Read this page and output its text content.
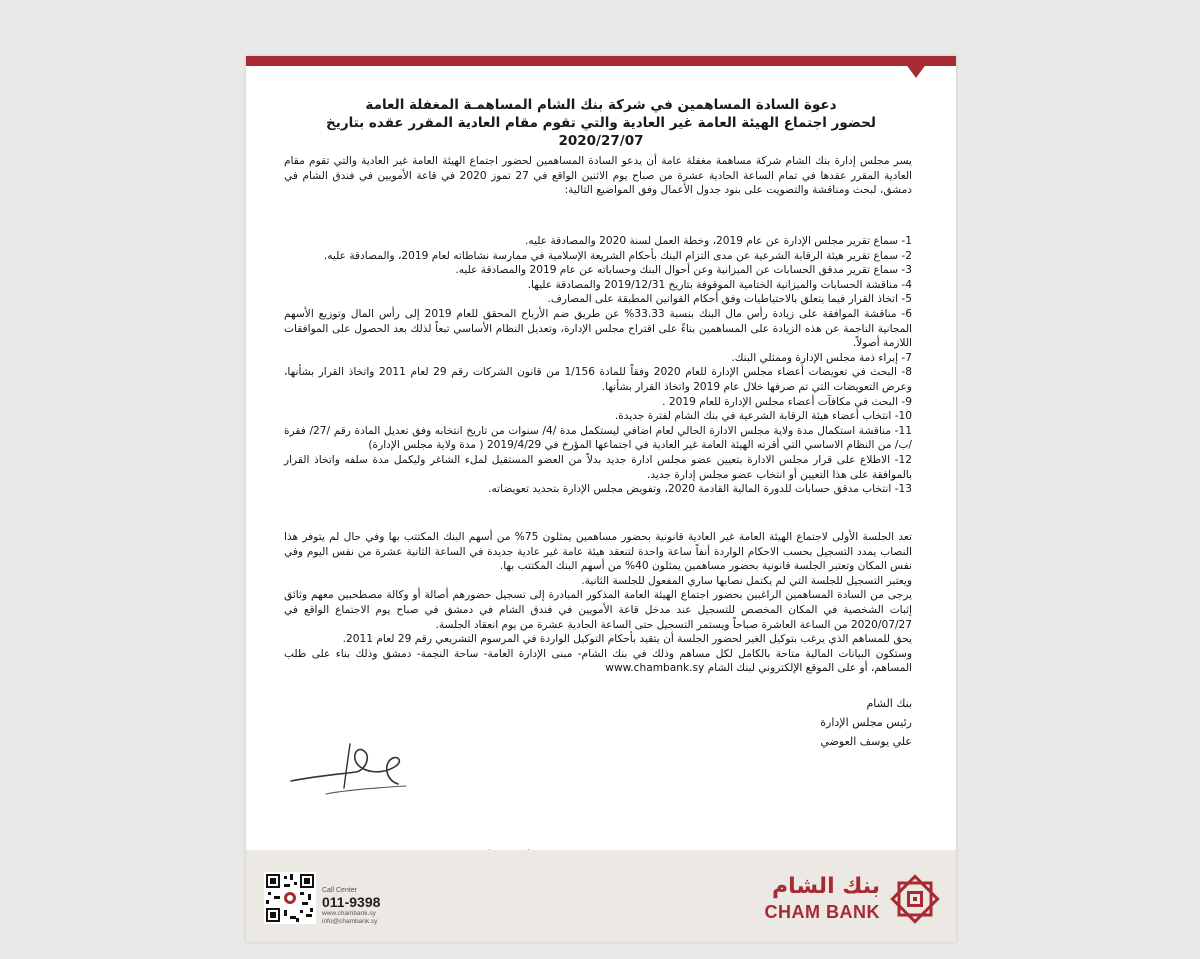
دعوة السادة المساهمين في شركة بنك الشام المساهمـة المغفلة العامة
لحضور اجتماع الهيئة العامة غير العادية والتي تقوم مقام العادية المقرر عقده بتاريخ 2020/27/07
يسر مجلس إدارة بنك الشام شركة مساهمة مغفلة عامة أن يدعو السادة المساهمين لحضور اجتماع الهيئة العامة غير العادية والتي تقوم مقام العادية المقرر عقدها في تمام الساعة الحادية عشرة من صباح يوم الاثنين الواقع في 27 تموز 2020 في قاعة الأمويين في فندق الشام في دمشق، لبحث ومناقشة والتصويت على بنود جدول الأعمال وفق المواضيع التالية:
1- سماع تقرير مجلس الإدارة عن عام 2019، وخطة العمل لسنة 2020 والمصادقة عليه.
2- سماع تقرير هيئة الرقابة الشرعية عن مدى التزام البنك بأحكام الشريعة الإسلامية في ممارسة نشاطاته لعام 2019، والمصادقة عليه.
3- سماع تقرير مدقق الحسابات عن الميزانية وعن أحوال البنك وحساباته عن عام 2019 والمصادقة عليه.
4- مناقشة الحسابات والميزانية الختامية الموقوفة بتاريخ 2019/12/31 والمصادقة عليها.
5- اتخاذ القرار فيما يتعلق بالاحتياطيات وفق أحكام القوانين المطبقة على المصارف.
6- مناقشة الموافقة على زيادة رأس مال البنك بنسبة 33.33% عن طريق ضم الأرباح المحقق للعام 2019 إلى رأس المال وتوزيع الأسهم المجانية الناجمة عن هذه الزيادة على المساهمين بناءً على اقتراح مجلس الإدارة، وتعديل النظام الأساسي تبعاً لذلك بعد الحصول على الموافقات اللازمة أصولاً.
7- إبراء ذمة مجلس الإدارة وممثلي البنك.
8- البحث في تعويضات أعضاء مجلس الإدارة للعام 2020 وفقاً للمادة 1/156 من قانون الشركات رقم 29 لعام 2011 واتخاذ القرار بشأنها، وعرض التعويضات التي تم صرفها خلال عام 2019 واتخاذ القرار بشأنها.
9- البحث في مكافآت أعضاء مجلس الإدارة للعام 2019 .
10- انتخاب أعضاء هيئة الرقابة الشرعية في بنك الشام لفترة جديدة.
11- مناقشة استكمال مدة ولاية مجلس الادارة الحالي لعام اضافي ليستكمل مدة /4/ سنوات من تاريخ انتخابه وفق تعديل المادة رقم /27/ فقرة /ب/ من النظام الاساسي التي أقرته الهيئة العامة غير العادية في اجتماعها المؤرخ في 2019/4/29 ( مدة ولاية مجلس الإدارة)
12- الاطلاع على قرار مجلس الادارة بتعيين عضو مجلس ادارة جديد بدلاً من العضو المستقيل لملء الشاغر وليكمل مدة سلفه واتخاذ القرار بالموافقة على هذا التعيين أو انتخاب عضو مجلس إدارة جديد.
13- انتخاب مدقق حسابات للدورة المالية القادمة 2020، وتفويض مجلس الإدارة بتحديد تعويضاته.
تعد الجلسة الأولى لاجتماع الهيئة العامة غير العادية قانونية بحضور مساهمين يمثلون 75% من أسهم البنك المكتتب بها وفي حال لم يتوفر هذا النصاب يمدد التسجيل بحسب الاحكام الواردة أنفاً ساعة واحدة لتنعقد هيئة عامة غير عادية جديدة في الساعة الثانية عشرة من نفس اليوم وفي نفس المكان وتعتبر الجلسة قانونية بحضور مساهمين يمثلون 40% من أسهم البنك المكتتب بها.
ويعتبر التسجيل للجلسة التي لم يكتمل نصابها ساري المفعول للجلسة الثانية.
يرجى من السادة المساهمين الراغبين بحضور اجتماع الهيئة العامة المذكور المبادرة إلى تسجيل حضورهم أصالة أو وكالة مصطحبين معهم وثائق إثبات الشخصية في المكان المخصص للتسجيل عند مدخل قاعة الأمويين في فندق الشام في دمشق في صباح يوم الاجتماع الواقع في 2020/07/27 من الساعة العاشرة صباحاً ويستمر التسجيل حتى الساعة الحادية عشرة من يوم انعقاد الجلسة.
يحق للمساهم الذي يرغب بتوكيل الغير لحضور الجلسة أن يتقيد بأحكام التوكيل الواردة في المرسوم التشريعي رقم 29 لعام 2011.
وستكون البيانات المالية متاحة بالكامل لكل مساهم وذلك في بنك الشام- مبنى الإدارة العامة- ساحة النجمة- دمشق وذلك بناء على طلب المساهم، أو على الموقع الإلكتروني لبنك الشام www.chambank.sy
بنك الشام
رئيس مجلس الإدارة
علي يوسف العوضي
Call Center
011-9398
www.chambank.sy
info@chambank.sy
بنك الشام
CHAM BANK
